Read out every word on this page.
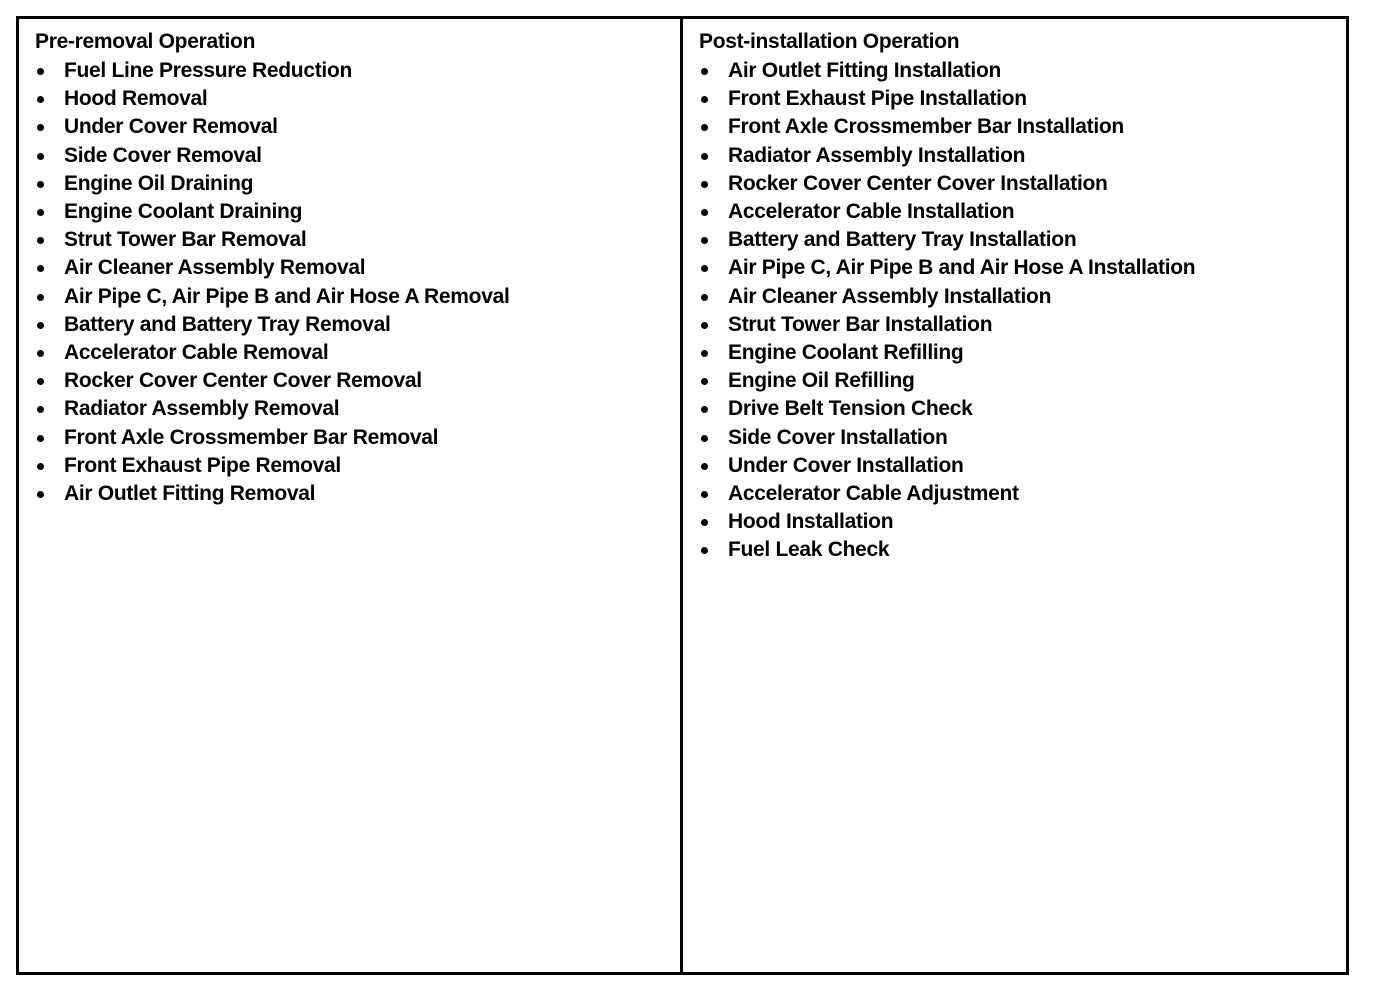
Pre-removal Operation
Fuel Line Pressure Reduction
Hood Removal
Under Cover Removal
Side Cover Removal
Engine Oil Draining
Engine Coolant Draining
Strut Tower Bar Removal
Air Cleaner Assembly Removal
Air Pipe C, Air Pipe B and Air Hose A Removal
Battery and Battery Tray Removal
Accelerator Cable Removal
Rocker Cover Center Cover Removal
Radiator Assembly Removal
Front Axle Crossmember Bar Removal
Front Exhaust Pipe Removal
Air Outlet Fitting Removal
Post-installation Operation
Air Outlet Fitting Installation
Front Exhaust Pipe Installation
Front Axle Crossmember Bar Installation
Radiator Assembly Installation
Rocker Cover Center Cover Installation
Accelerator Cable Installation
Battery and Battery Tray Installation
Air Pipe C, Air Pipe B and Air Hose A Installation
Air Cleaner Assembly Installation
Strut Tower Bar Installation
Engine Coolant Refilling
Engine Oil Refilling
Drive Belt Tension Check
Side Cover Installation
Under Cover Installation
Accelerator Cable Adjustment
Hood Installation
Fuel Leak Check
